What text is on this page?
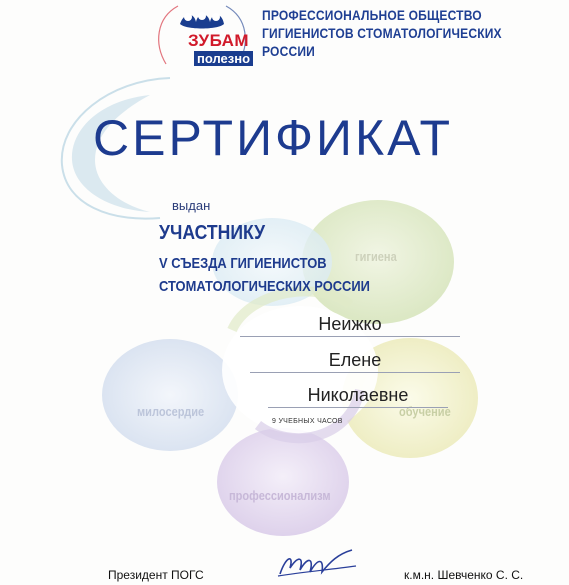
ЗУБАМ
полезно
ПРОФЕССИОНАЛЬНОЕ ОБЩЕСТВО
ГИГИЕНИСТОВ СТОМАТОЛОГИЧЕСКИХ
РОССИИ
СЕРТИФИКАТ
выдан
УЧАСТНИКУ
V СЪЕЗДА ГИГИЕНИСТОВ
СТОМАТОЛОГИЧЕСКИХ РОССИИ
гигиена
милосердие	обучение
профессионализм
Неижко
Елене
Николаевне
9 УЧЕБНЫХ ЧАСОВ
Президент ПОГС	к.м.н. Шевченко С. С.
